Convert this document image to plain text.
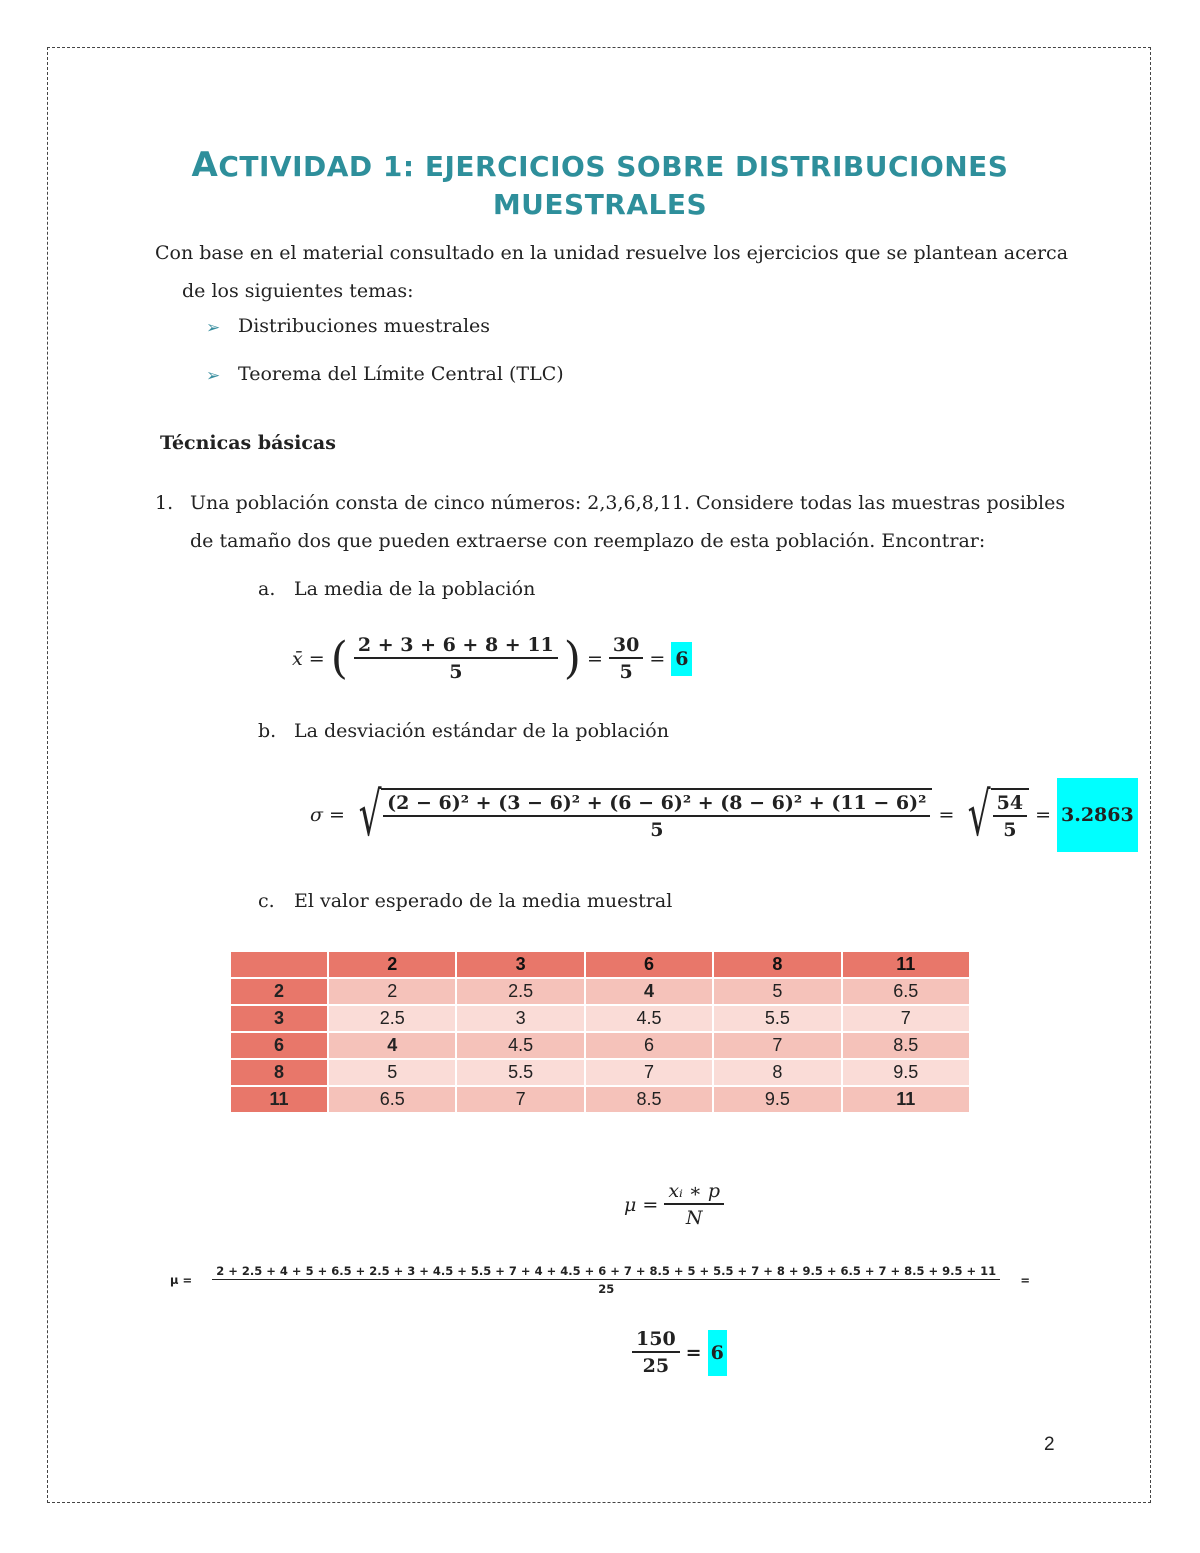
ACTIVIDAD 1: EJERCICIOS SOBRE DISTRIBUCIONES
MUESTRALES
Con base en el material consultado en la unidad resuelve los ejercicios que se plantean acerca
de los siguientes temas:
➢ Distribuciones muestrales
➢ Teorema del Límite Central (TLC)
Técnicas básicas
1. Una población consta de cinco números: 2,3,6,8,11. Considere todas las muestras posibles
de tamaño dos que pueden extraerse con reemplazo de esta población. Encontrar:
a. La media de la población
x̄ = ( $\frac{2 + 3 + 6 + 8 + 11}{5}$ ) = $\frac{30}{5} = 6$
b. La desviación estándar de la población
σ = √ $\frac{\text{(2 − 6)² + (3 − 6)² + (6 − 6)² + (8 − 6)² + (11 − 6)²}}{5}$ = √ $\frac{54}{5} = 3.2863$
c. El valor esperado de la media muestral
	2	3	6	8	11
2	2	2.5	4	5	6.5
3	2.5	3	4.5	5.5	7
6	4	4.5	6	7	8.5
8	5	5.5	7	8	9.5
11	6.5	7	8.5	9.5	11
$\mu = \frac{\text{xᵢ ∗ p}}{N}$
μ =
2 + 2.5 + 4 + 5 + 6.5 + 2.5 + 3 + 4.5 + 5.5 + 7 + 4 + 4.5 + 6 + 7 + 8.5 + 5 + 5.5 + 7 + 8 + 9.5 + 6.5 + 7 + 8.5 + 9.5 + 11
25
=
$\frac{150}{25} = 6$
2
